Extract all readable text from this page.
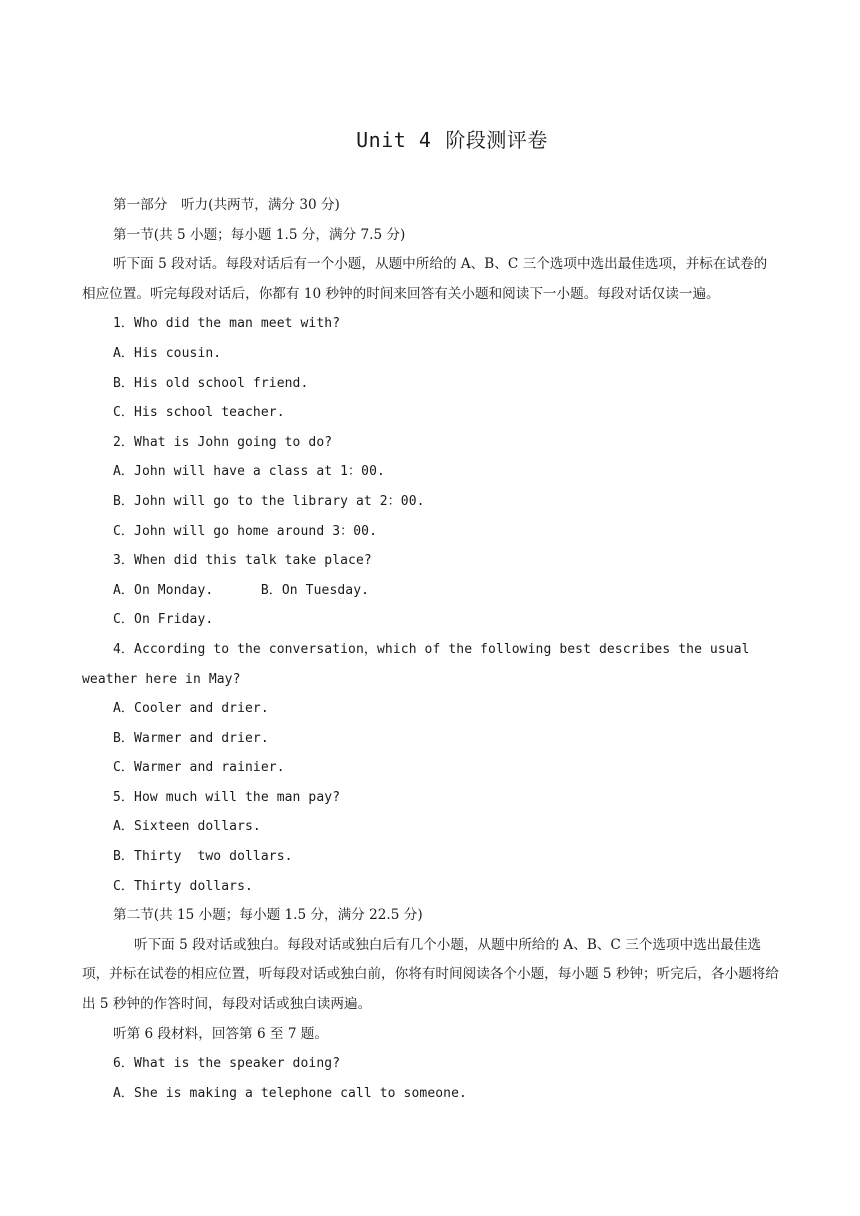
Unit 4 阶段测评卷

第一部分　听力(共两节，满分 30 分)

第一节(共 5 小题；每小题 1.5 分，满分 7.5 分)

听下面 5 段对话。每段对话后有一个小题，从题中所给的 A、B、C 三个选项中选出最佳选项，并标在试卷的相应位置。听完每段对话后，你都有 10 秒钟的时间来回答有关小题和阅读下一小题。每段对话仅读一遍。

1．Who did the man meet with?

A．His cousin.

B．His old school friend.

C．His school teacher.

2．What is John going to do?

A．John will have a class at 1：00.

B．John will go to the library at 2：00.

C．John will go home around 3：00.

3．When did this talk take place?

A．On Monday.      B．On Tuesday.

C．On Friday.

4．According to the conversation，which of the following best describes the usual weather here in May?

A．Cooler and drier.

B．Warmer and drier.

C．Warmer and rainier.

5．How much will the man pay?

A．Sixteen dollars.

B．Thirty  two dollars.

C．Thirty dollars.

第二节(共 15 小题；每小题 1.5 分，满分 22.5 分)

听下面 5 段对话或独白。每段对话或独白后有几个小题，从题中所给的 A、B、C 三个选项中选出最佳选项，并标在试卷的相应位置，听每段对话或独白前，你将有时间阅读各个小题，每小题 5 秒钟；听完后，各小题将给出 5 秒钟的作答时间，每段对话或独白读两遍。

听第 6 段材料，回答第 6 至 7 题。

6．What is the speaker doing?

A．She is making a telephone call to someone.
